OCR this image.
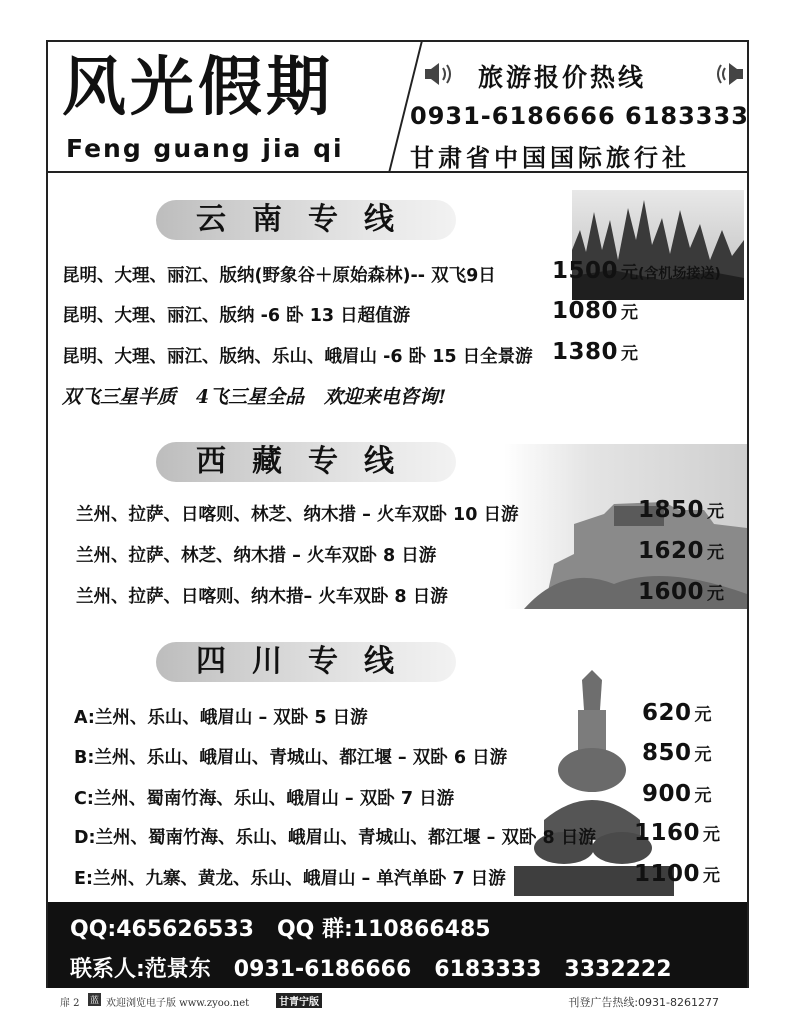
风光假期
Feng guang jia qi
旅游报价热线
0931-6186666 6183333
甘肃省中国国际旅行社
云南专线
昆明、大理、丽江、版纳(野象谷＋原始森林)-- 双飞9日 1500 元(含机场接送)
昆明、大理、丽江、版纳 -6 卧 13 日超值游	1080 元
昆明、大理、丽江、版纳、乐山、峨眉山 -6 卧 15 日全景游 1380 元
双飞三星半质   4飞三星全品   欢迎来电咨询!
西藏专线
兰州、拉萨、日喀则、林芝、纳木措 – 火车双卧 10 日游	1850 元
兰州、拉萨、林芝、纳木措 – 火车双卧 8 日游	1620 元
兰州、拉萨、日喀则、纳木措– 火车双卧 8 日游	1600 元
四川专线
A:兰州、乐山、峨眉山 – 双卧 5 日游	620 元
B:兰州、乐山、峨眉山、青城山、都江堰 – 双卧 6 日游	850 元
C:兰州、蜀南竹海、乐山、峨眉山 – 双卧 7 日游	900 元
D:兰州、蜀南竹海、乐山、峨眉山、青城山、都江堰 – 双卧 8 日游 1160 元
E:兰州、九寨、黄龙、乐山、峨眉山 – 单汽单卧 7 日游	1100 元
QQ:465626533   QQ 群:110866485
联系人:范景东   0931-6186666   6183333   3332222
扉 2 蓝 欢迎浏览电子版 www.zyoo.net	甘青宁版	刊登广告热线:0931-8261277
